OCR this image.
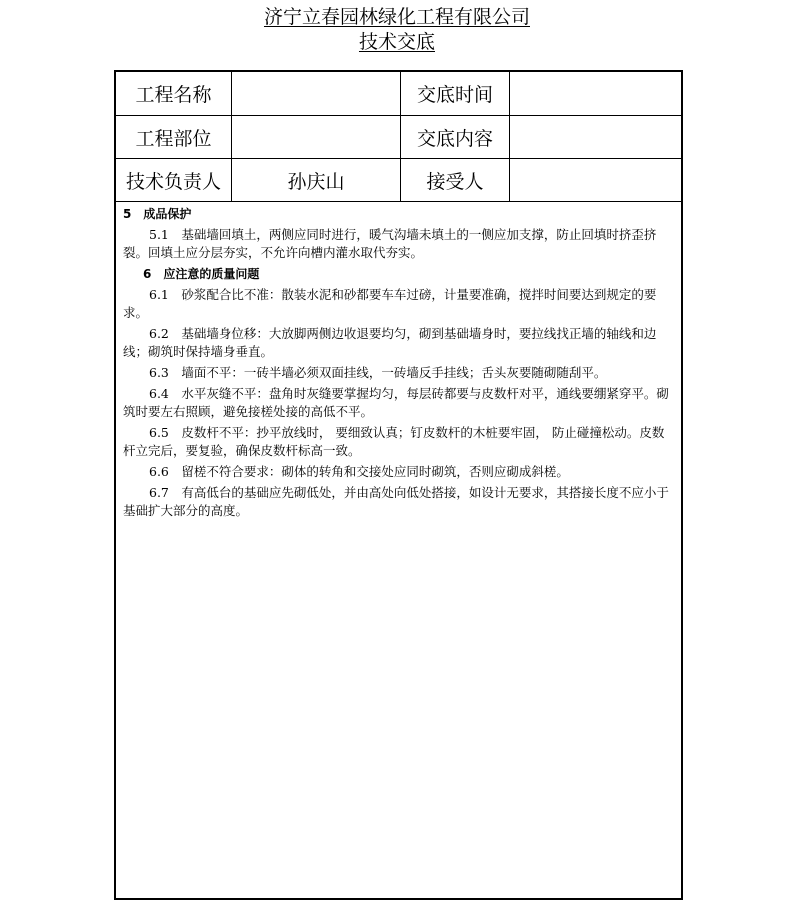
济宁立春园林绿化工程有限公司
技术交底
工程名称		交底时间	
工程部位		交底内容	
技术负责人	孙庆山	接受人	

5　成品保护

5.1　基础墙回填土，两侧应同时进行，暖气沟墙未填土的一侧应加支撑，防止回填时挤歪挤裂。回填土应分层夯实，不允许向槽内灌水取代夯实。

6　应注意的质量问题

6.1　砂浆配合比不准：散装水泥和砂都要车车过磅，计量要准确，搅拌时间要达到规定的要求。

6.2　基础墙身位移：大放脚两侧边收退要均匀，砌到基础墙身时，要拉线找正墙的轴线和边线；砌筑时保持墙身垂直。

6.3　墙面不平：一砖半墙必须双面挂线，一砖墙反手挂线；舌头灰要随砌随刮平。

6.4　水平灰缝不平：盘角时灰缝要掌握均匀，每层砖都要与皮数杆对平，通线要绷紧穿平。砌筑时要左右照顾，避免接槎处接的高低不平。

6.5　皮数杆不平：抄平放线时， 要细致认真；钉皮数杆的木桩要牢固， 防止碰撞松动。皮数杆立完后，要复验，确保皮数杆标高一致。

6.6　留槎不符合要求：砌体的转角和交接处应同时砌筑，否则应砌成斜槎。

6.7　有高低台的基础应先砌低处，并由高处向低处搭接，如设计无要求，其搭接长度不应小于基础扩大部分的高度。
